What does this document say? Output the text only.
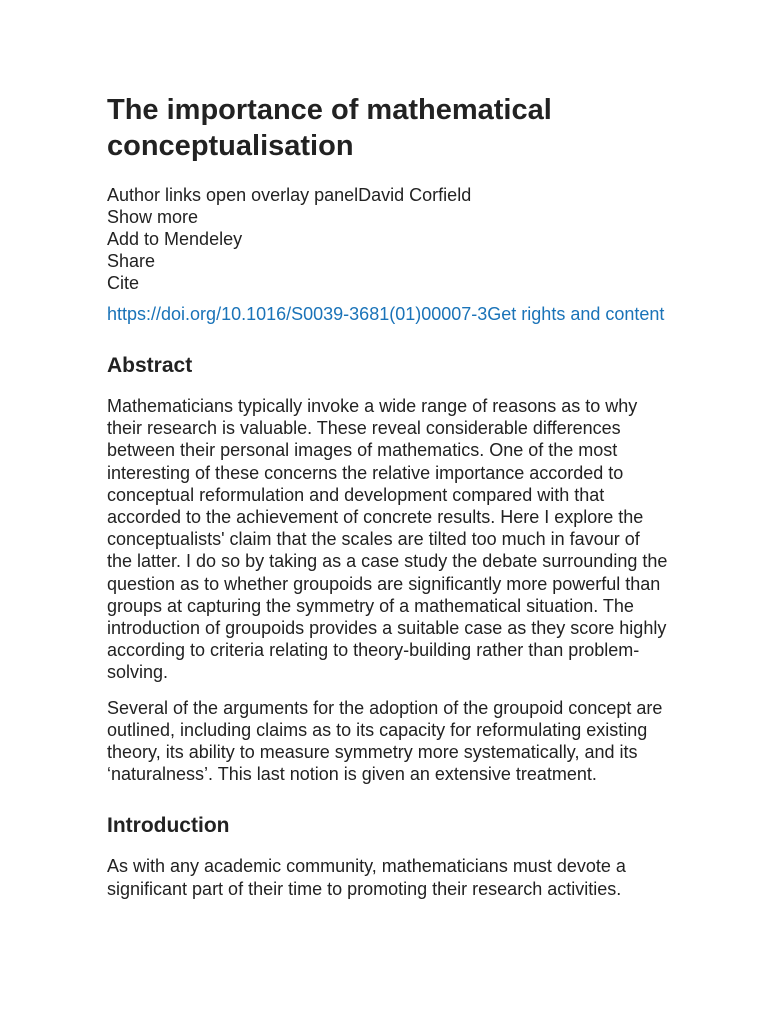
The importance of mathematical conceptualisation
Author links open overlay panelDavid Corfield
Show more
Add to Mendeley
Share
Cite
https://doi.org/10.1016/S0039-3681(01)00007-3Get rights and content
Abstract

Mathematicians typically invoke a wide range of reasons as to why their research is valuable. These reveal considerable differences between their personal images of mathematics. One of the most interesting of these concerns the relative importance accorded to conceptual reformulation and development compared with that accorded to the achievement of concrete results. Here I explore the conceptualists' claim that the scales are tilted too much in favour of the latter. I do so by taking as a case study the debate surrounding the question as to whether groupoids are significantly more powerful than groups at capturing the symmetry of a mathematical situation. The introduction of groupoids provides a suitable case as they score highly according to criteria relating to theory-building rather than problem-solving.

Several of the arguments for the adoption of the groupoid concept are outlined, including claims as to its capacity for reformulating existing theory, its ability to measure symmetry more systematically, and its ‘naturalness’. This last notion is given an extensive treatment.

Introduction

As with any academic community, mathematicians must devote a significant part of their time to promoting their research activities.
